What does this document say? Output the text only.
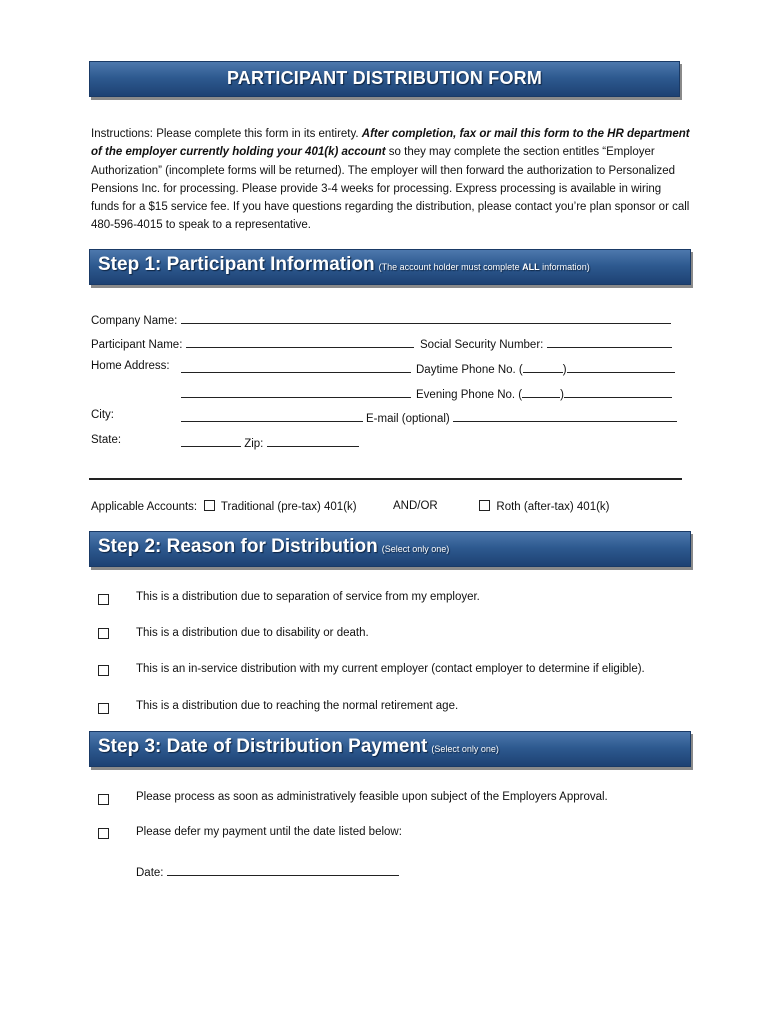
PARTICIPANT DISTRIBUTION FORM
Instructions: Please complete this form in its entirety. After completion, fax or mail this form to the HR department of the employer currently holding your 401(k) account so they may complete the section entitles “Employer Authorization” (incomplete forms will be returned). The employer will then forward the authorization to Personalized Pensions Inc. for processing. Please provide 3-4 weeks for processing. Express processing is available in wiring funds for a $15 service fee. If you have questions regarding the distribution, please contact you’re plan sponsor or call 480-596-4015 to speak to a representative.
Step 1: Participant Information (The account holder must complete ALL information)
Company Name:
Participant Name:	Social Security Number:
Home Address:	Daytime Phone No. (	)
Evening Phone No. (	)
City:	E-mail (optional)
State:	Zip:
Applicable Accounts: Traditional (pre-tax) 401(k)	AND/OR	Roth (after-tax) 401(k)
Step 2: Reason for Distribution (Select only one)
This is a distribution due to separation of service from my employer.
This is a distribution due to disability or death.
This is an in-service distribution with my current employer (contact employer to determine if eligible).
This is a distribution due to reaching the normal retirement age.
Step 3: Date of Distribution Payment (Select only one)
Please process as soon as administratively feasible upon subject of the Employers Approval.
Please defer my payment until the date listed below:
Date:
